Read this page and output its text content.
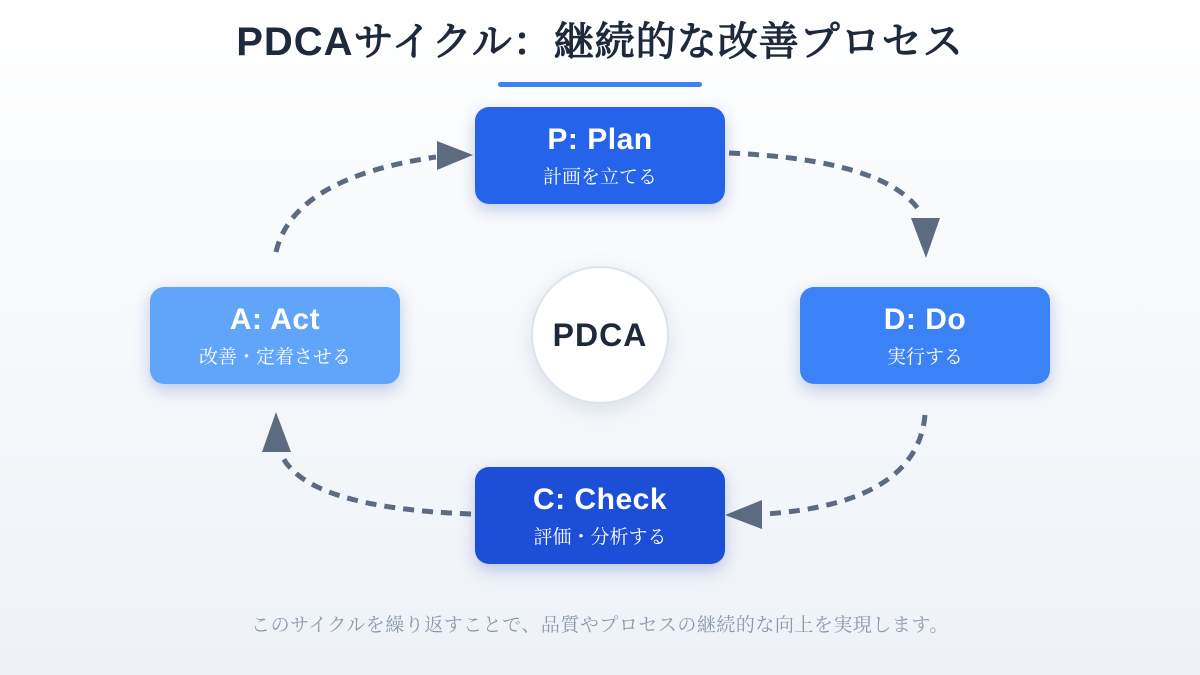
PDCAサイクル：継続的な改善プロセス
P: Plan
計画を立てる
D: Do
実行する
C: Check
評価・分析する
A: Act
改善・定着させる
PDCA
このサイクルを繰り返すことで、品質やプロセスの継続的な向上を実現します。
